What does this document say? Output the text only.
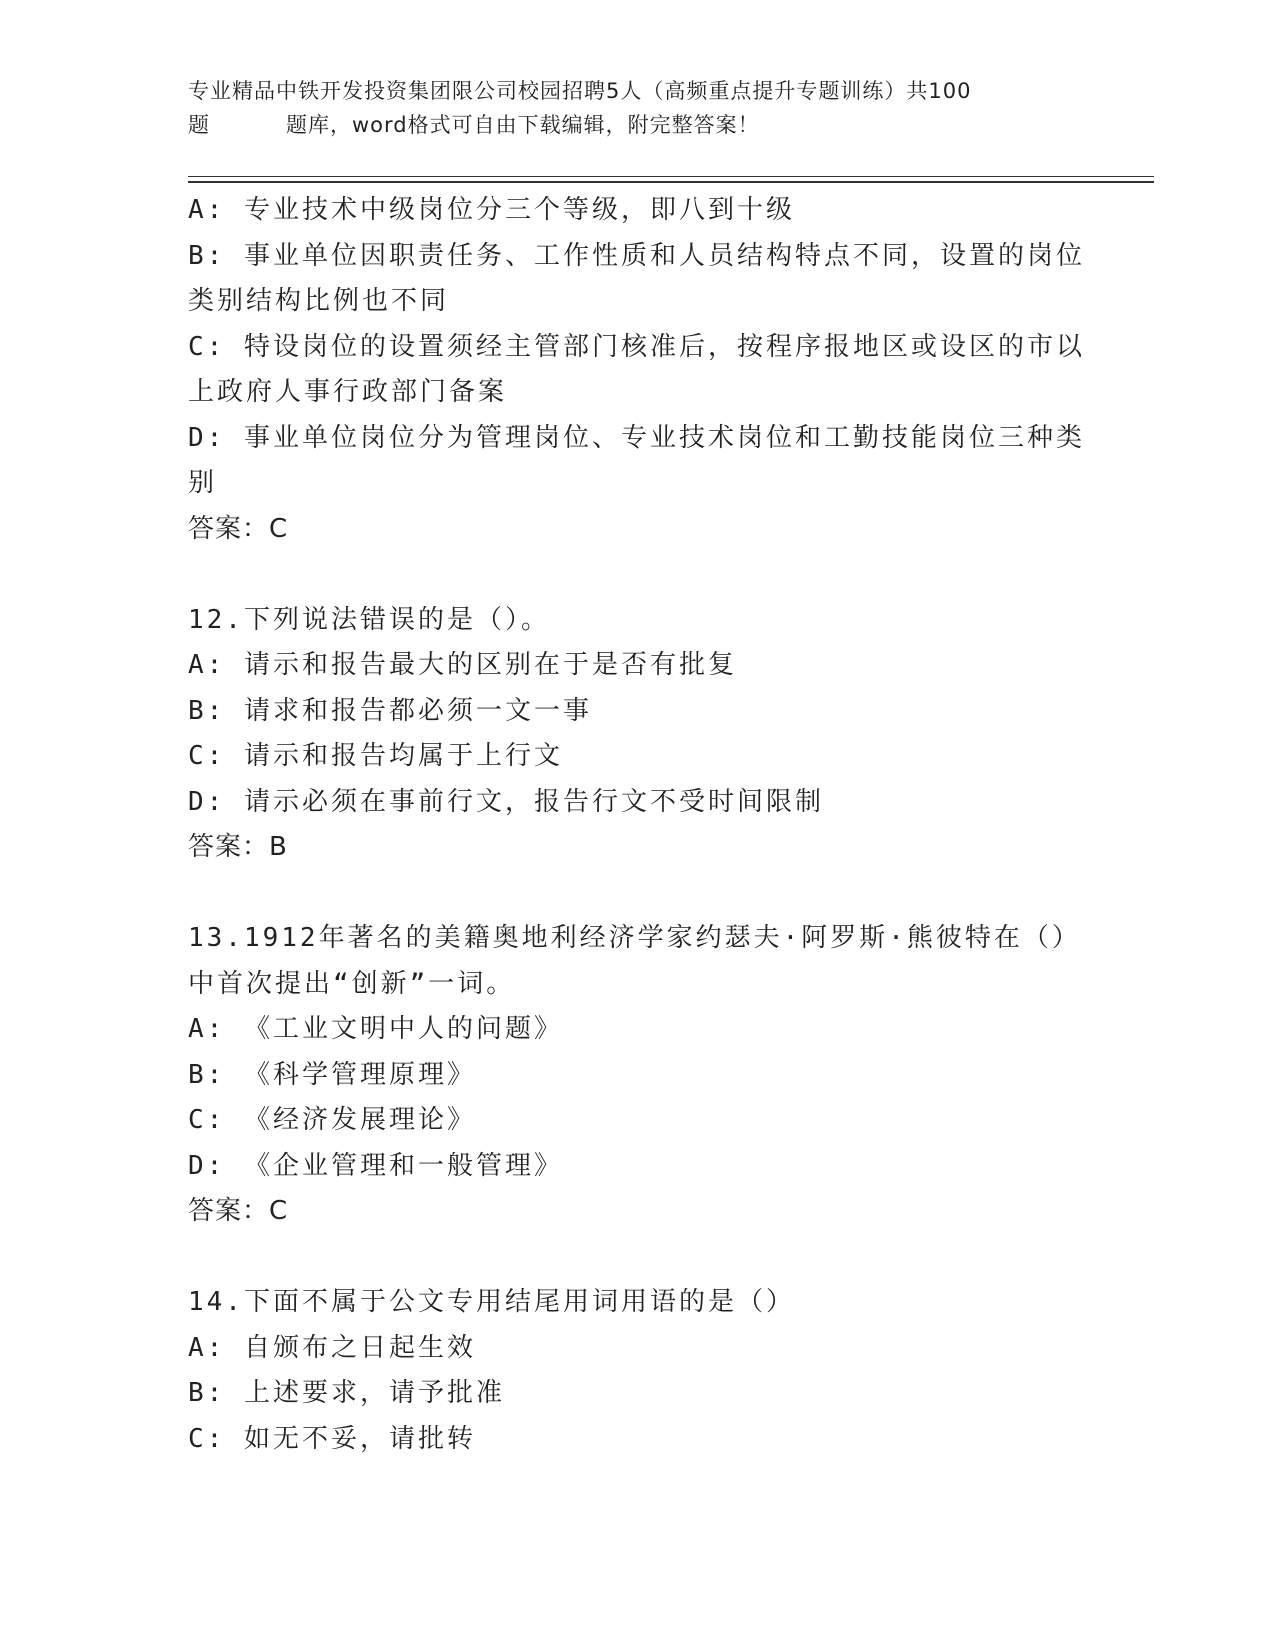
专业精品中铁开发投资集团限公司校园招聘5人（高频重点提升专题训练）共100
题	题库，word格式可自由下载编辑，附完整答案！
A: 专业技术中级岗位分三个等级，即八到十级
B: 事业单位因职责任务、工作性质和人员结构特点不同，设置的岗位
类别结构比例也不同
C: 特设岗位的设置须经主管部门核准后，按程序报地区或设区的市以
上政府人事行政部门备案
D: 事业单位岗位分为管理岗位、专业技术岗位和工勤技能岗位三种类
别
答案：C
12.下列说法错误的是（）。
A: 请示和报告最大的区别在于是否有批复
B: 请求和报告都必须一文一事
C: 请示和报告均属于上行文
D: 请示必须在事前行文，报告行文不受时间限制
答案：B
13.1912年著名的美籍奥地利经济学家约瑟夫·阿罗斯·熊彼特在（）
中首次提出“创新”一词。
A: 《工业文明中人的问题》
B: 《科学管理原理》
C: 《经济发展理论》
D: 《企业管理和一般管理》
答案：C
14.下面不属于公文专用结尾用词用语的是（）
A: 自颁布之日起生效
B: 上述要求，请予批准
C: 如无不妥，请批转
